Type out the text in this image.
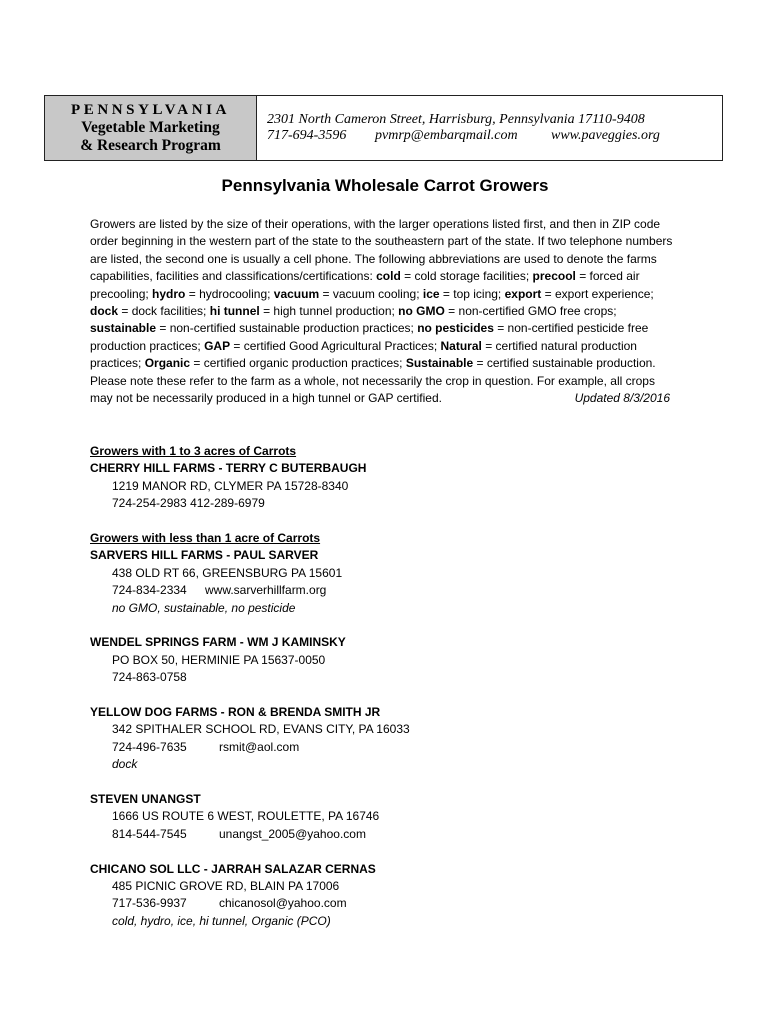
PENNSYLVANIA
Vegetable Marketing
& Research Program
2301 North Cameron Street, Harrisburg, Pennsylvania 17110-9408
717-694-3596 pvmrp@embarqmail.com www.paveggies.org
Pennsylvania Wholesale Carrot Growers
Growers are listed by the size of their operations, with the larger operations listed first, and then in ZIP code order beginning in the western part of the state to the southeastern part of the state. If two telephone numbers are listed, the second one is usually a cell phone. The following abbreviations are used to denote the farms capabilities, facilities and classifications/certifications: cold = cold storage facilities; precool = forced air precooling; hydro = hydrocooling; vacuum = vacuum cooling; ice = top icing; export = export experience; dock = dock facilities; hi tunnel = high tunnel production; no GMO = non-certified GMO free crops; sustainable = non-certified sustainable production practices; no pesticides = non-certified pesticide free production practices; GAP = certified Good Agricultural Practices; Natural = certified natural production practices; Organic = certified organic production practices; Sustainable = certified sustainable production. Please note these refer to the farm as a whole, not necessarily the crop in question. For example, all crops may not be necessarily produced in a high tunnel or GAP certified.	Updated 8/3/2016
Growers with 1 to 3 acres of Carrots
CHERRY HILL FARMS - TERRY C BUTERBAUGH
1219 MANOR RD, CLYMER PA 15728-8340
724-254-2983 412-289-6979
Growers with less than 1 acre of Carrots
SARVERS HILL FARMS - PAUL SARVER
438 OLD RT 66, GREENSBURG PA 15601
724-834-2334 www.sarverhillfarm.org
no GMO, sustainable, no pesticide
WENDEL SPRINGS FARM - WM J KAMINSKY
PO BOX 50, HERMINIE PA 15637-0050
724-863-0758
YELLOW DOG FARMS - RON & BRENDA SMITH JR
342 SPITHALER SCHOOL RD, EVANS CITY, PA 16033
724-496-7635	rsmit@aol.com
dock
STEVEN UNANGST
1666 US ROUTE 6 WEST, ROULETTE, PA 16746
814-544-7545	unangst_2005@yahoo.com
CHICANO SOL LLC - JARRAH SALAZAR CERNAS
485 PICNIC GROVE RD, BLAIN PA 17006
717-536-9937	chicanosol@yahoo.com
cold, hydro, ice, hi tunnel, Organic (PCO)
